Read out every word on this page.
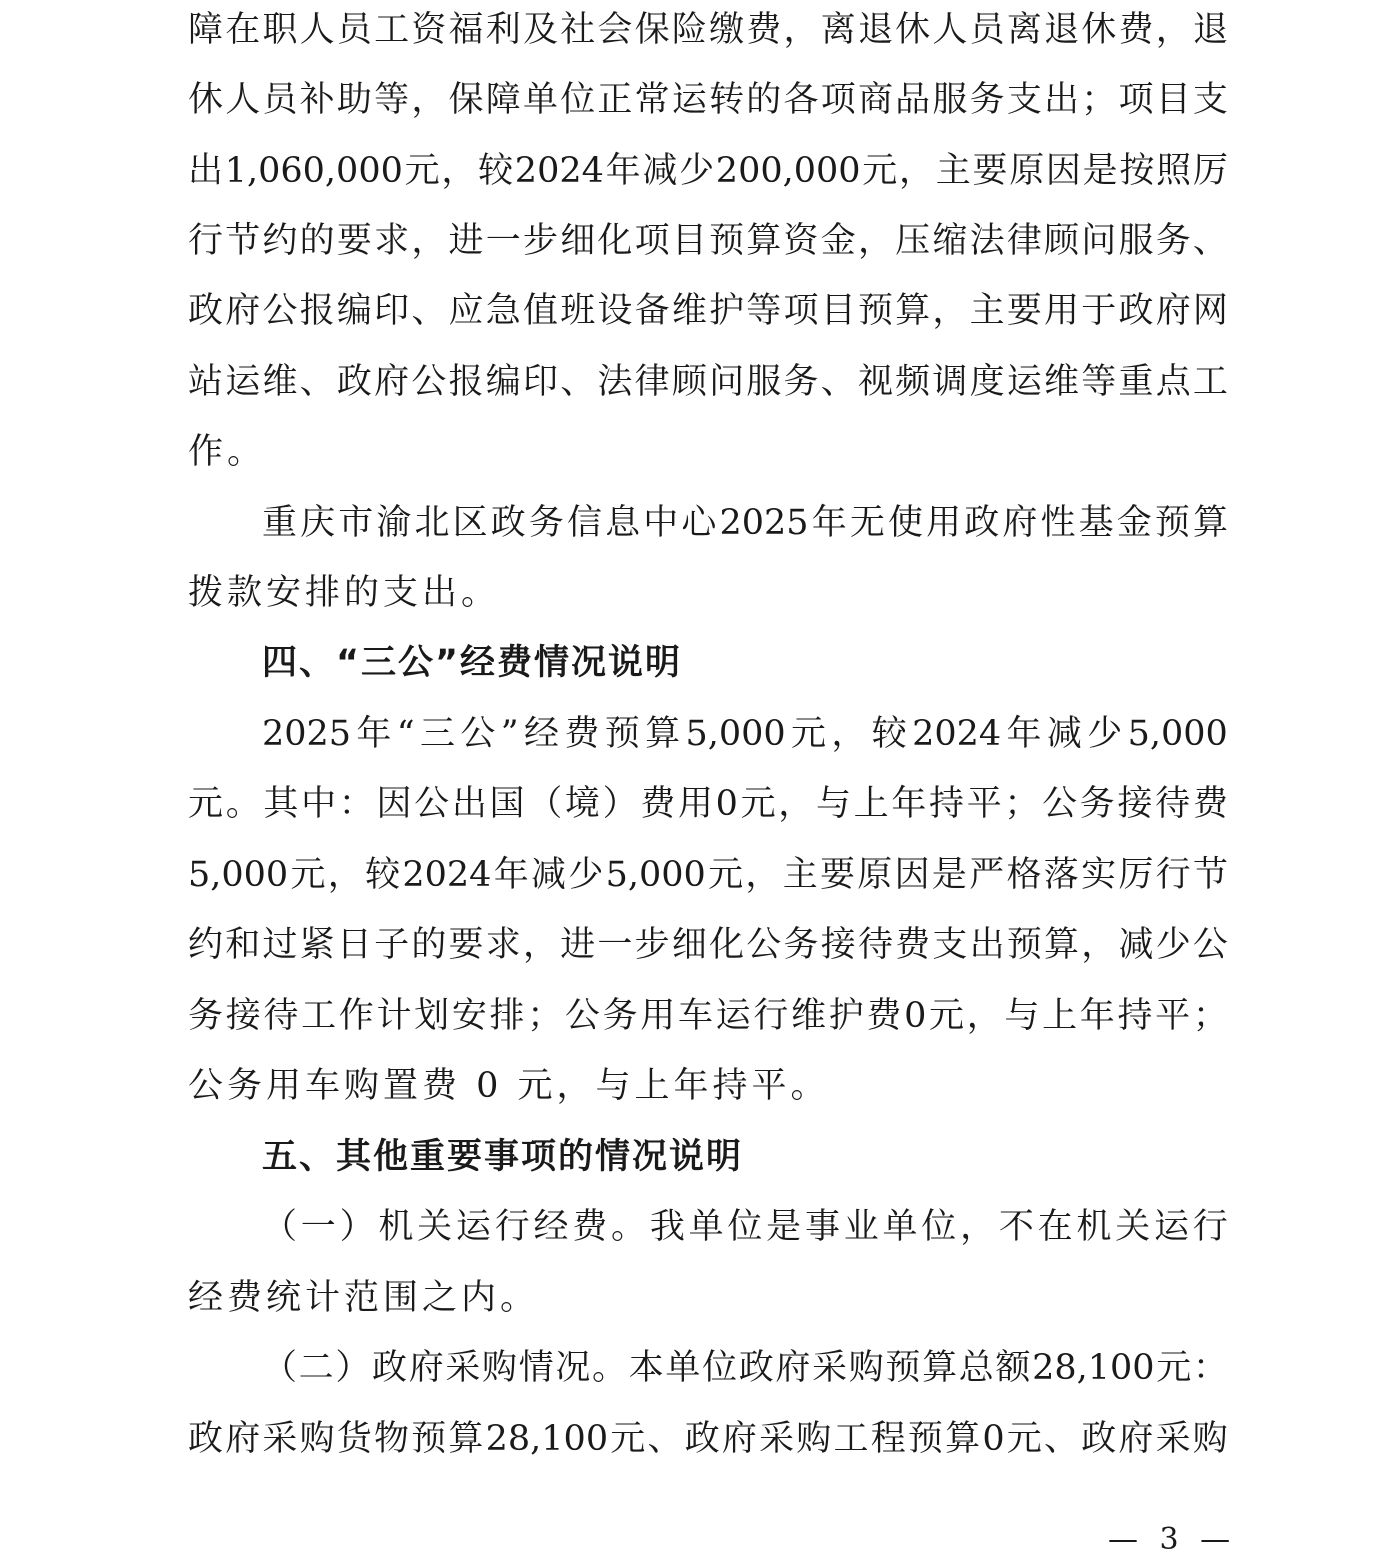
障 在 职 人 员 工 资 福 利 及 社 会 保 险 缴 费 ， 离 退 休 人 员 离 退 休 费 ， 退
休 人 员 补 助 等 ， 保 障 单 位 正 常 运 转 的 各 项 商 品 服 务 支 出 ； 项 目 支
出 1,060,000 元 ， 较 2024 年 减 少 200,000 元 ， 主 要 原 因 是 按 照 厉
行 节 约 的 要 求 ， 进 一 步 细 化 项 目 预 算 资 金 ， 压 缩 法 律 顾 问 服 务 、
政 府 公 报 编 印 、 应 急 值 班 设 备 维 护 等 项 目 预 算 ， 主 要 用 于 政 府 网
站 运 维 、 政 府 公 报 编 印 、 法 律 顾 问 服 务 、 视 频 调 度 运 维 等 重 点 工
作。
重 庆 市 渝 北 区 政 务 信 息 中 心 2025 年 无 使 用 政 府 性 基 金 预 算
拨款安排的支出。
四、“三公”经费情况说明
2025 年 “ 三 公 ” 经 费 预 算 5,000 元 ， 较 2024 年 减 少 5,000
元 。 其 中 ： 因 公 出 国 （ 境 ） 费 用 0 元 ， 与 上 年 持 平 ； 公 务 接 待 费
5,000 元 ， 较 2024 年 减 少 5,000 元 ， 主 要 原 因 是 严 格 落 实 厉 行 节
约 和 过 紧 日 子 的 要 求 ， 进 一 步 细 化 公 务 接 待 费 支 出 预 算 ， 减 少 公
务 接 待 工 作 计 划 安 排 ； 公 务 用 车 运 行 维 护 费 0 元 ， 与 上 年 持 平 ；
公务用车购置费 0 元，与上年持平。
五、其他重要事项的情况说明
（ 一 ） 机 关 运 行 经 费 。 我 单 位 是 事 业 单 位 ， 不 在 机 关 运 行
经费统计范围之内。
（ 二 ） 政 府 采 购 情 况 。 本 单 位 政 府 采 购 预 算 总 额 28,100 元 ：
政 府 采 购 货 物 预 算 28,100 元 、 政 府 采 购 工 程 预 算 0 元 、 政 府 采 购
— 3 —
